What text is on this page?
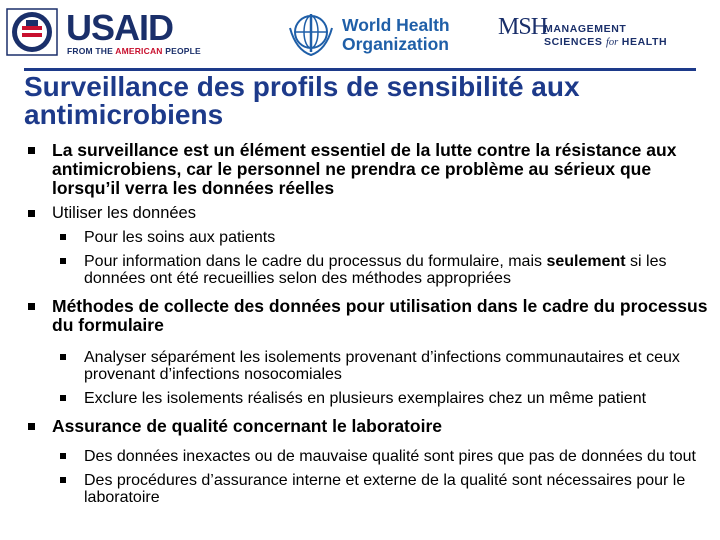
USAID
FROM THE AMERICAN PEOPLE
World Health
Organization
MSH
MANAGEMENT
SCIENCES for HEALTH
Surveillance des profils de sensibilité aux antimicrobiens
La surveillance est un élément essentiel de la lutte contre la résistance aux antimicrobiens, car le personnel ne prendra ce problème au sérieux que lorsqu’il verra les données réelles
Utiliser les données
Pour les soins aux patients
Pour information dans le cadre du processus du formulaire, mais seulement si les données ont été recueillies selon des méthodes appropriées
Méthodes de collecte des données pour utilisation dans le cadre du processus du formulaire
Analyser séparément les isolements provenant d’infections communautaires et ceux provenant d’infections nosocomiales
Exclure les isolements réalisés en plusieurs exemplaires chez un même patient
Assurance de qualité concernant le laboratoire
Des données inexactes ou de mauvaise qualité sont pires que pas de données du tout
Des procédures d’assurance interne et externe de la qualité sont nécessaires pour le laboratoire
